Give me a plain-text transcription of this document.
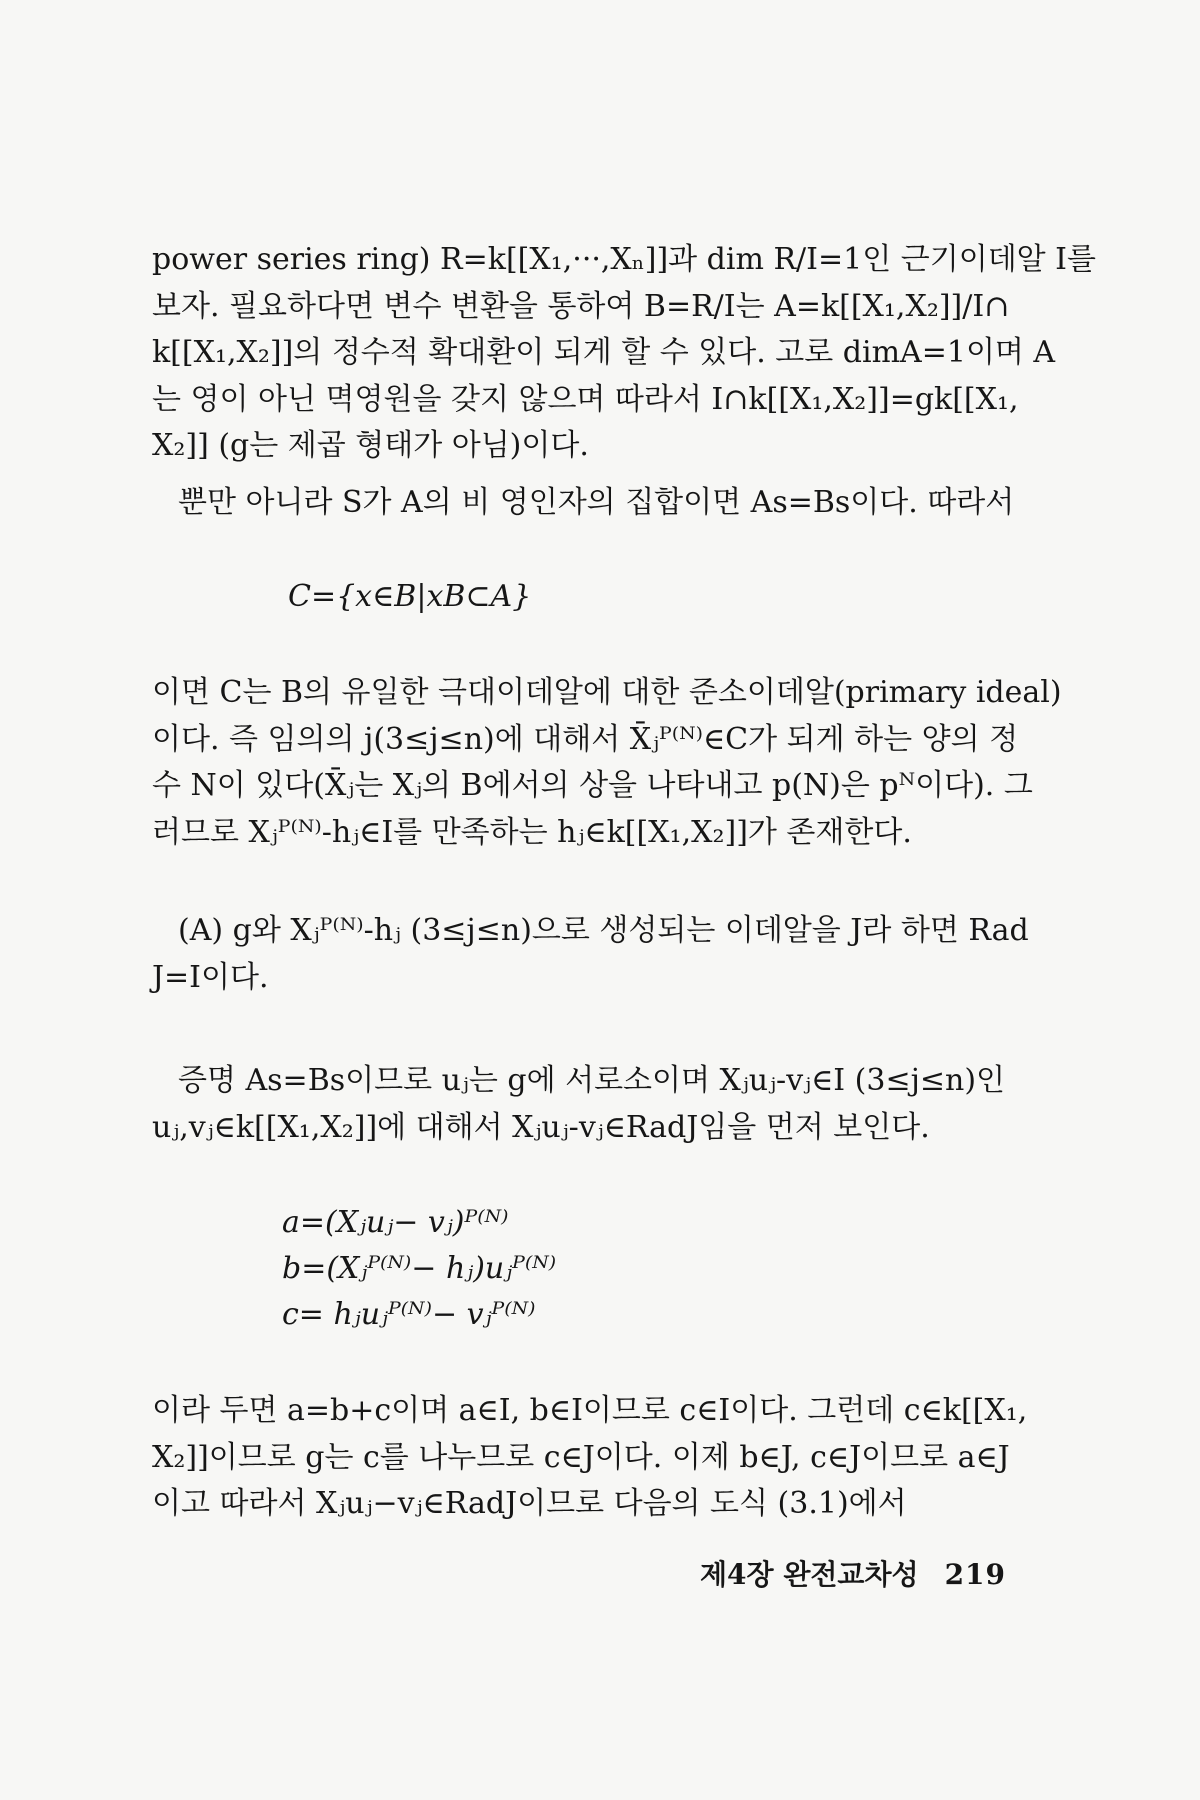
power series ring) R=k[[X₁,···,Xₙ]]과 dim R/I=1인 근기이데알 I를
보자. 필요하다면 변수 변환을 통하여 B=R/I는 A=k[[X₁,X₂]]/I∩
k[[X₁,X₂]]의 정수적 확대환이 되게 할 수 있다. 고로 dimA=1이며 A
는 영이 아닌 멱영원을 갖지 않으며 따라서 I∩k[[X₁,X₂]]=gk[[X₁,
X₂]] (g는 제곱 형태가 아님)이다.
뿐만 아니라 S가 A의 비 영인자의 집합이면 As=Bs이다. 따라서
C={x∈B|xB⊂A}
이면 C는 B의 유일한 극대이데알에 대한 준소이데알(primary ideal)
이다. 즉 임의의 j(3≤j≤n)에 대해서 X̄ⱼᴾ⁽ᴺ⁾∈C가 되게 하는 양의 정
수 N이 있다(X̄ⱼ는 Xⱼ의 B에서의 상을 나타내고 p(N)은 pᴺ이다). 그
러므로 Xⱼᴾ⁽ᴺ⁾-hⱼ∈I를 만족하는 hⱼ∈k[[X₁,X₂]]가 존재한다.
(A) g와 Xⱼᴾ⁽ᴺ⁾-hⱼ (3≤j≤n)으로 생성되는 이데알을 J라 하면 Rad
J=I이다.
증명 As=Bs이므로 uⱼ는 g에 서로소이며 Xⱼuⱼ-vⱼ∈I (3≤j≤n)인
uⱼ,vⱼ∈k[[X₁,X₂]]에 대해서 Xⱼuⱼ-vⱼ∈RadJ임을 먼저 보인다.
a=(Xⱼuⱼ− vⱼ)ᴾ⁽ᴺ⁾
b=(Xⱼᴾ⁽ᴺ⁾− hⱼ)uⱼᴾ⁽ᴺ⁾
c= hⱼuⱼᴾ⁽ᴺ⁾− vⱼᴾ⁽ᴺ⁾
이라 두면 a=b+c이며 a∈I, b∈I이므로 c∈I이다. 그런데 c∈k[[X₁,
X₂]]이므로 g는 c를 나누므로 c∈J이다. 이제 b∈J, c∈J이므로 a∈J
이고 따라서 Xⱼuⱼ−vⱼ∈RadJ이므로 다음의 도식 (3.1)에서
제4장 완전교차성 219
